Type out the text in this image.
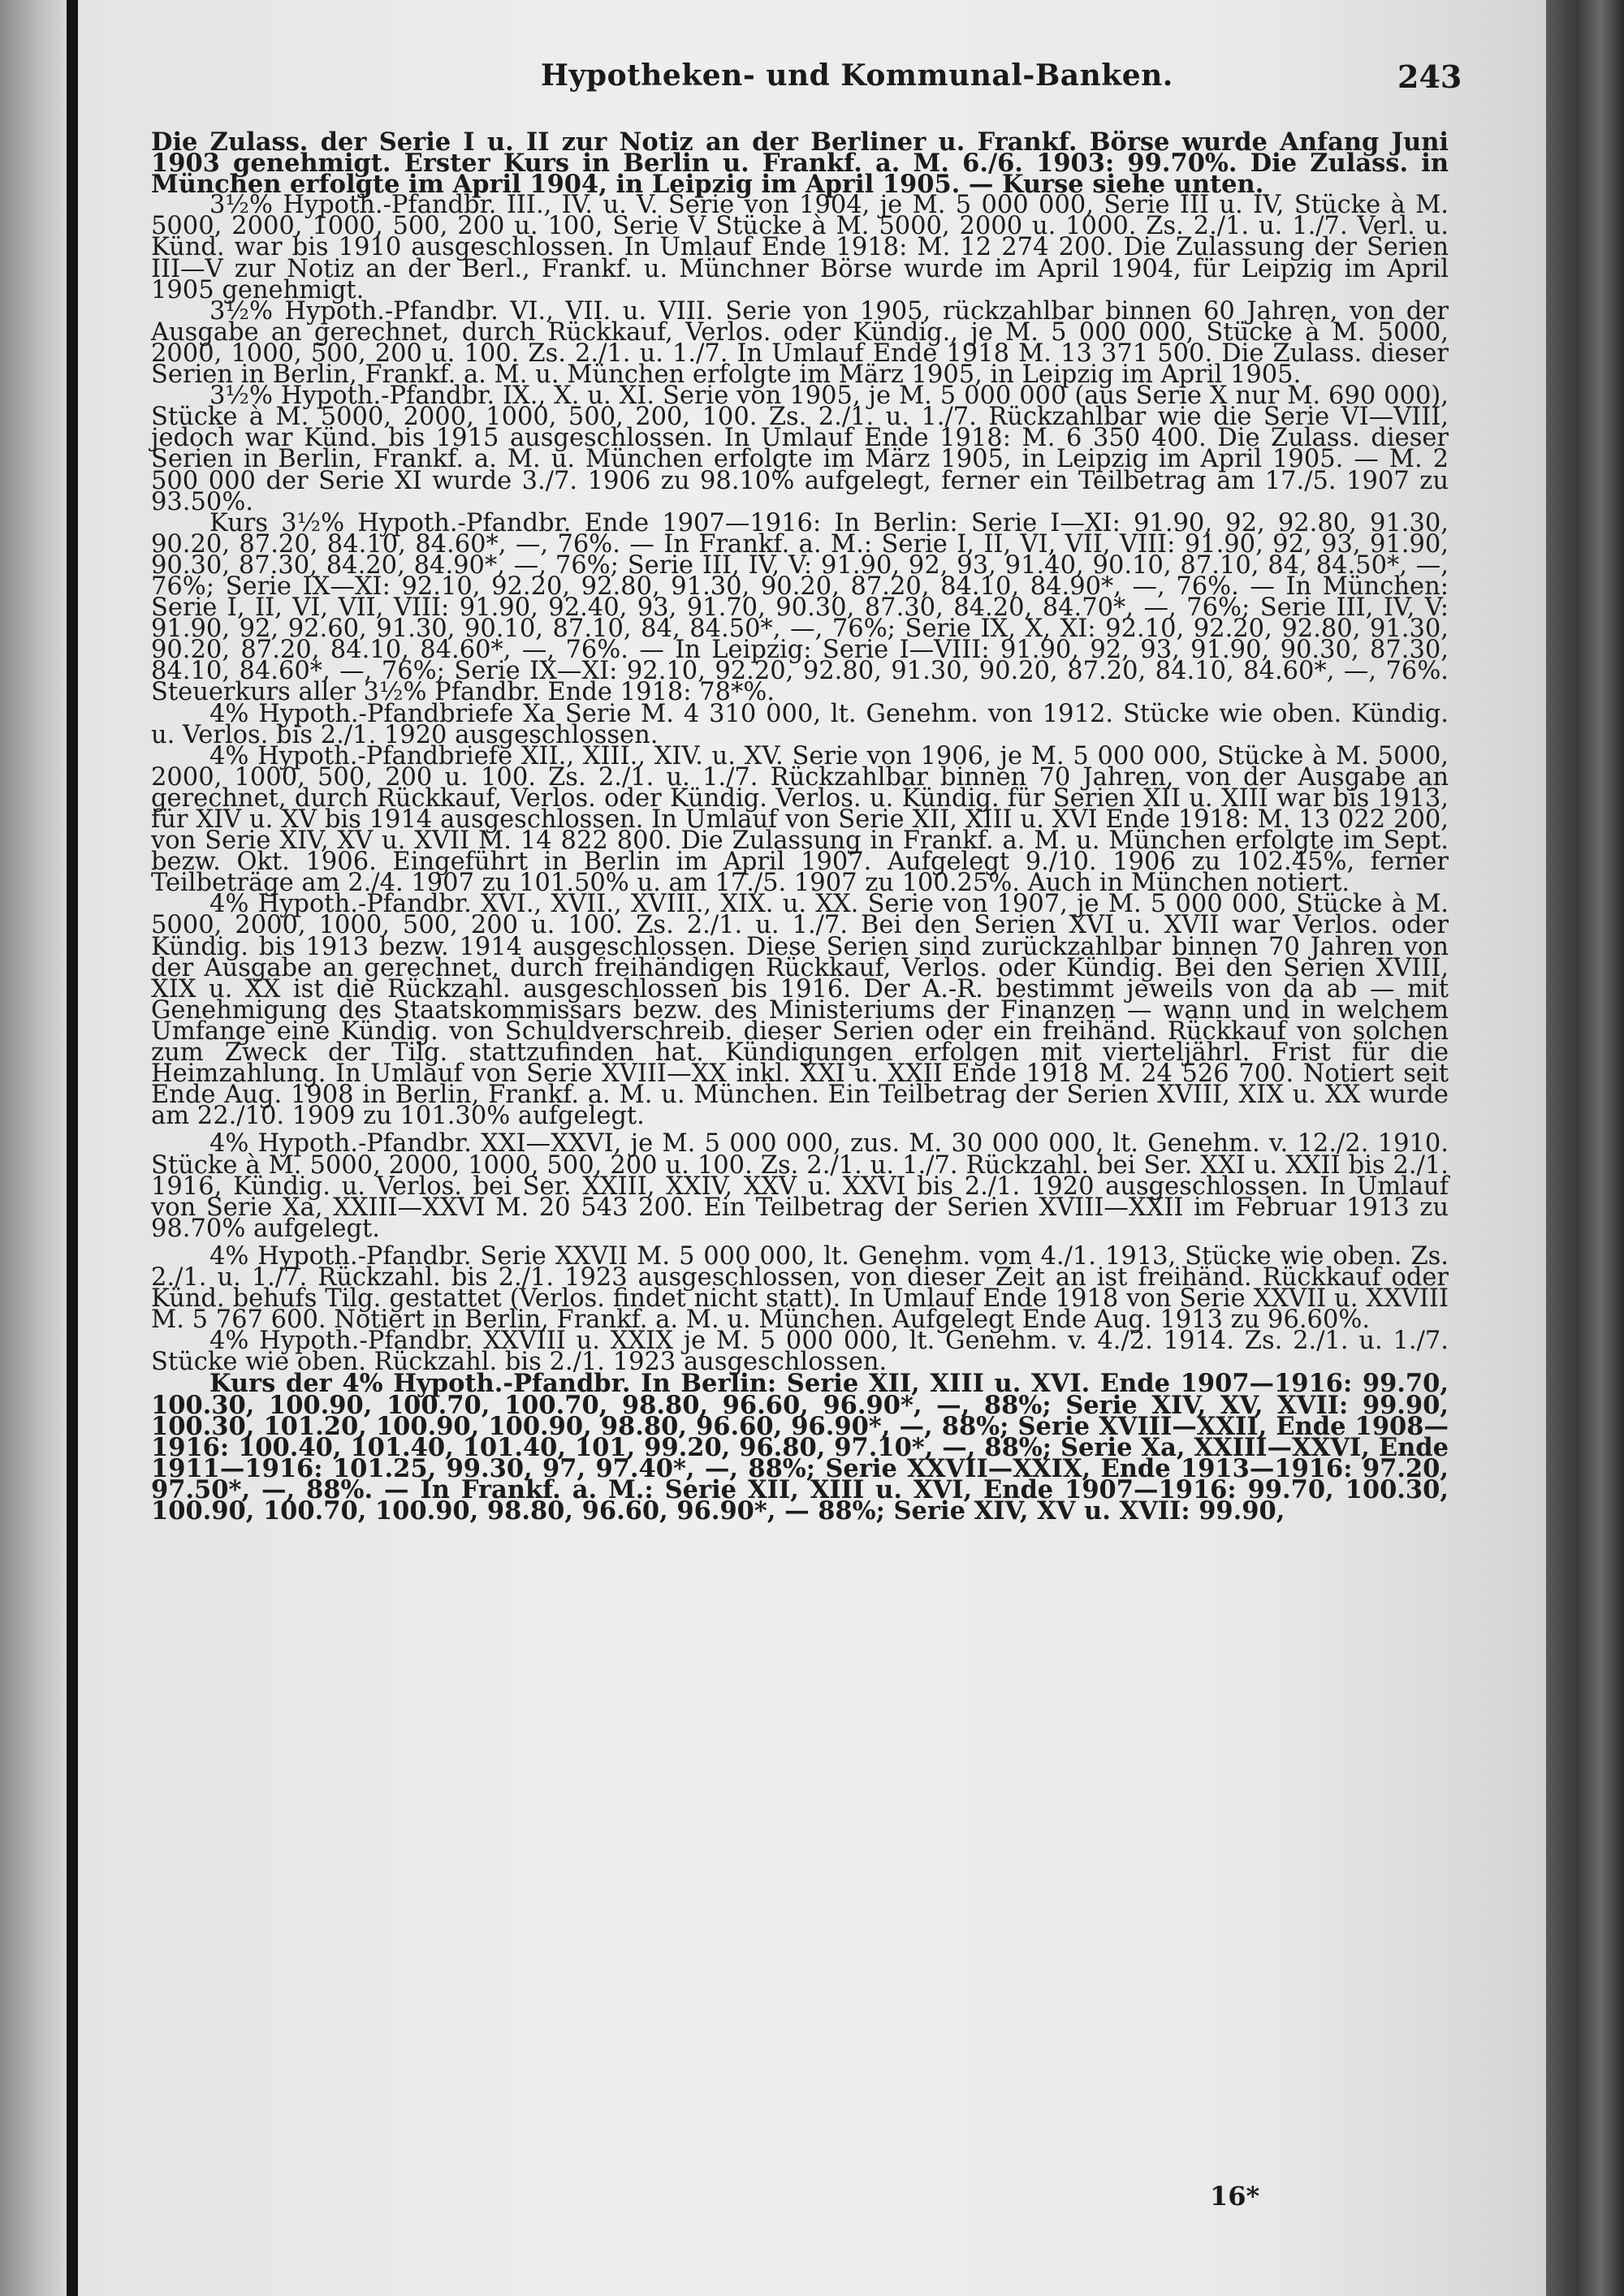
Hypotheken- und Kommunal-Banken.	243

Die Zulass. der Serie I u. II zur Notiz an der Berliner u. Frankf. Börse wurde Anfang Juni 1903 genehmigt. Erster Kurs in Berlin u. Frankf. a. M. 6./6. 1903: 99.70%. Die Zulass. in München erfolgte im April 1904, in Leipzig im April 1905. — Kurse siehe unten.

3½% Hypoth.-Pfandbr. III., IV. u. V. Serie von 1904, je M. 5 000 000, Serie III u. IV, Stücke à M. 5000, 2000, 1000, 500, 200 u. 100, Serie V Stücke à M. 5000, 2000 u. 1000. Zs. 2./1. u. 1./7. Verl. u. Künd. war bis 1910 ausgeschlossen. In Umlauf Ende 1918: M. 12 274 200. Die Zulassung der Serien III—V zur Notiz an der Berl., Frankf. u. Münchner Börse wurde im April 1904, für Leipzig im April 1905 genehmigt.

3½% Hypoth.-Pfandbr. VI., VII. u. VIII. Serie von 1905, rückzahlbar binnen 60 Jahren, von der Ausgabe an gerechnet, durch Rückkauf, Verlos. oder Kündig., je M. 5 000 000, Stücke à M. 5000, 2000, 1000, 500, 200 u. 100. Zs. 2./1. u. 1./7. In Umlauf Ende 1918 M. 13 371 500. Die Zulass. dieser Serien in Berlin, Frankf. a. M. u. München erfolgte im März 1905, in Leipzig im April 1905.

3½% Hypoth.-Pfandbr. IX., X. u. XI. Serie von 1905, je M. 5 000 000 (aus Serie X nur M. 690 000), Stücke à M. 5000, 2000, 1000, 500, 200, 100. Zs. 2./1. u. 1./7. Rückzahlbar wie die Serie VI—VIII, jedoch war Künd. bis 1915 ausgeschlossen. In Umlauf Ende 1918: M. 6 350 400. Die Zulass. dieser Serien in Berlin, Frankf. a. M. u. München erfolgte im März 1905, in Leipzig im April 1905. — M. 2 500 000 der Serie XI wurde 3./7. 1906 zu 98.10% aufgelegt, ferner ein Teilbetrag am 17./5. 1907 zu 93.50%.

Kurs 3½% Hypoth.-Pfandbr. Ende 1907—1916: In Berlin: Serie I—XI: 91.90, 92, 92.80, 91.30, 90.20, 87.20, 84.10, 84.60*, —, 76%. — In Frankf. a. M.: Serie I, II, VI, VII, VIII: 91.90, 92, 93, 91.90, 90.30, 87.30, 84.20, 84.90*, —, 76%; Serie III, IV, V: 91.90, 92, 93, 91.40, 90.10, 87.10, 84, 84.50*, —, 76%; Serie IX—XI: 92.10, 92.20, 92.80, 91.30, 90.20, 87.20, 84.10, 84.90*, —, 76%. — In München: Serie I, II, VI, VII, VIII: 91.90, 92.40, 93, 91.70, 90.30, 87.30, 84.20, 84.70*, —, 76%; Serie III, IV, V: 91.90, 92, 92.60, 91.30, 90.10, 87.10, 84, 84.50*, —, 76%; Serie IX, X, XI: 92.10, 92.20, 92.80, 91.30, 90.20, 87.20, 84.10, 84.60*, —, 76%. — In Leipzig: Serie I—VIII: 91.90, 92, 93, 91.90, 90.30, 87.30, 84.10, 84.60*, —, 76%; Serie IX—XI: 92.10, 92.20, 92.80, 91.30, 90.20, 87.20, 84.10, 84.60*, —, 76%. Steuerkurs aller 3½% Pfandbr. Ende 1918: 78*%.

4% Hypoth.-Pfandbriefe Xa Serie M. 4 310 000, lt. Genehm. von 1912. Stücke wie oben. Kündig. u. Verlos. bis 2./1. 1920 ausgeschlossen.

4% Hypoth.-Pfandbriefe XII., XIII., XIV. u. XV. Serie von 1906, je M. 5 000 000, Stücke à M. 5000, 2000, 1000, 500, 200 u. 100. Zs. 2./1. u. 1./7. Rückzahlbar binnen 70 Jahren, von der Ausgabe an gerechnet, durch Rückkauf, Verlos. oder Kündig. Verlos. u. Kündig. für Serien XII u. XIII war bis 1913, für XIV u. XV bis 1914 ausgeschlossen. In Umlauf von Serie XII, XIII u. XVI Ende 1918: M. 13 022 200, von Serie XIV, XV u. XVII M. 14 822 800. Die Zulassung in Frankf. a. M. u. München erfolgte im Sept. bezw. Okt. 1906. Eingeführt in Berlin im April 1907. Aufgelegt 9./10. 1906 zu 102.45%, ferner Teilbeträge am 2./4. 1907 zu 101.50% u. am 17./5. 1907 zu 100.25%. Auch in München notiert.

4% Hypoth.-Pfandbr. XVI., XVII., XVIII., XIX. u. XX. Serie von 1907, je M. 5 000 000, Stücke à M. 5000, 2000, 1000, 500, 200 u. 100. Zs. 2./1. u. 1./7. Bei den Serien XVI u. XVII war Verlos. oder Kündig. bis 1913 bezw. 1914 ausgeschlossen. Diese Serien sind zurückzahlbar binnen 70 Jahren von der Ausgabe an gerechnet, durch freihändigen Rückkauf, Verlos. oder Kündig. Bei den Serien XVIII, XIX u. XX ist die Rückzahl. ausgeschlossen bis 1916. Der A.-R. bestimmt jeweils von da ab — mit Genehmigung des Staatskommissars bezw. des Ministeriums der Finanzen — wann und in welchem Umfange eine Kündig. von Schuldverschreib. dieser Serien oder ein freihänd. Rückkauf von solchen zum Zweck der Tilg. stattzufinden hat. Kündigungen erfolgen mit vierteljährl. Frist für die Heimzahlung. In Umlauf von Serie XVIII—XX inkl. XXI u. XXII Ende 1918 M. 24 526 700. Notiert seit Ende Aug. 1908 in Berlin, Frankf. a. M. u. München. Ein Teilbetrag der Serien XVIII, XIX u. XX wurde am 22./10. 1909 zu 101.30% aufgelegt.

4% Hypoth.-Pfandbr. XXI—XXVI, je M. 5 000 000, zus. M. 30 000 000, lt. Genehm. v. 12./2. 1910. Stücke à M. 5000, 2000, 1000, 500, 200 u. 100. Zs. 2./1. u. 1./7. Rückzahl. bei Ser. XXI u. XXII bis 2./1. 1916, Kündig. u. Verlos. bei Ser. XXIII, XXIV, XXV u. XXVI bis 2./1. 1920 ausgeschlossen. In Umlauf von Serie Xa, XXIII—XXVI M. 20 543 200. Ein Teilbetrag der Serien XVIII—XXII im Februar 1913 zu 98.70% aufgelegt.

4% Hypoth.-Pfandbr. Serie XXVII M. 5 000 000, lt. Genehm. vom 4./1. 1913, Stücke wie oben. Zs. 2./1. u. 1./7. Rückzahl. bis 2./1. 1923 ausgeschlossen, von dieser Zeit an ist freihänd. Rückkauf oder Künd. behufs Tilg. gestattet (Verlos. findet nicht statt). In Umlauf Ende 1918 von Serie XXVII u. XXVIII M. 5 767 600. Notiert in Berlin, Frankf. a. M. u. München. Aufgelegt Ende Aug. 1913 zu 96.60%.

4% Hypoth.-Pfandbr. XXVIII u. XXIX je M. 5 000 000, lt. Genehm. v. 4./2. 1914. Zs. 2./1. u. 1./7. Stücke wie oben. Rückzahl. bis 2./1. 1923 ausgeschlossen.

Kurs der 4% Hypoth.-Pfandbr. In Berlin: Serie XII, XIII u. XVI. Ende 1907—1916: 99.70, 100.30, 100.90, 100.70, 100.70, 98.80, 96.60, 96.90*, —, 88%; Serie XIV, XV, XVII: 99.90, 100.30, 101.20, 100.90, 100.90, 98.80, 96.60, 96.90*, —, 88%; Serie XVIII—XXII, Ende 1908—1916: 100.40, 101.40, 101.40, 101, 99.20, 96.80, 97.10*, —, 88%; Serie Xa, XXIII—XXVI, Ende 1911—1916: 101.25, 99.30, 97, 97.40*, —, 88%; Serie XXVII—XXIX, Ende 1913—1916: 97.20, 97.50*, —, 88%. — In Frankf. a. M.: Serie XII, XIII u. XVI, Ende 1907—1916: 99.70, 100.30, 100.90, 100.70, 100.90, 98.80, 96.60, 96.90*, — 88%; Serie XIV, XV u. XVII: 99.90,

16*
